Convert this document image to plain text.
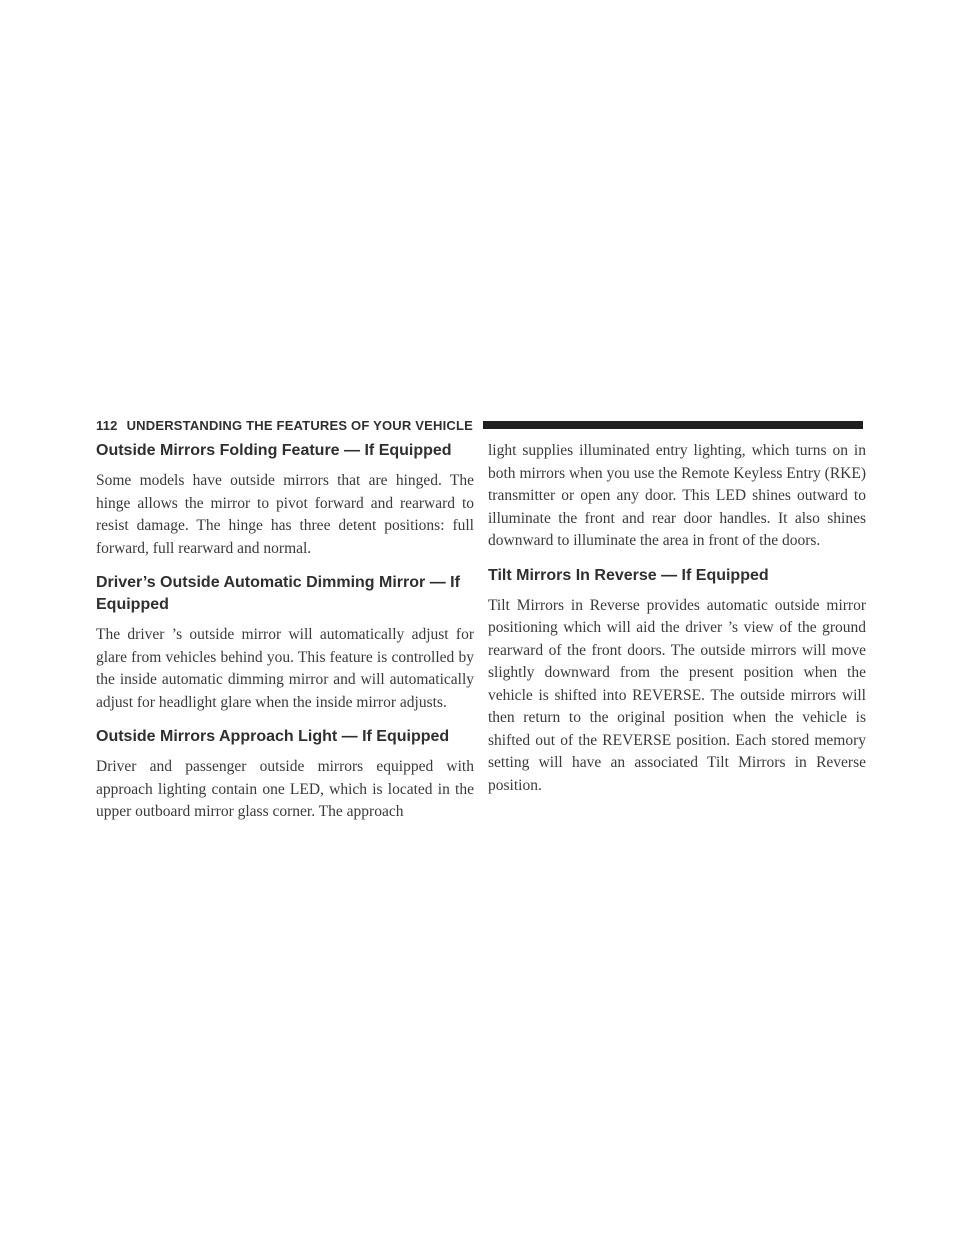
112 UNDERSTANDING THE FEATURES OF YOUR VEHICLE
Outside Mirrors Folding Feature — If Equipped

Some models have outside mirrors that are hinged. The hinge allows the mirror to pivot forward and rearward to resist damage. The hinge has three detent positions: full forward, full rearward and normal.

Driver’s Outside Automatic Dimming Mirror — If Equipped

The driver ’s outside mirror will automatically adjust for glare from vehicles behind you. This feature is controlled by the inside automatic dimming mirror and will automatically adjust for headlight glare when the inside mirror adjusts.

Outside Mirrors Approach Light — If Equipped

Driver and passenger outside mirrors equipped with approach lighting contain one LED, which is located in the upper outboard mirror glass corner. The approach

light supplies illuminated entry lighting, which turns on in both mirrors when you use the Remote Keyless Entry (RKE) transmitter or open any door. This LED shines outward to illuminate the front and rear door handles. It also shines downward to illuminate the area in front of the doors.

Tilt Mirrors In Reverse — If Equipped

Tilt Mirrors in Reverse provides automatic outside mirror positioning which will aid the driver ’s view of the ground rearward of the front doors. The outside mirrors will move slightly downward from the present position when the vehicle is shifted into REVERSE. The outside mirrors will then return to the original position when the vehicle is shifted out of the REVERSE position. Each stored memory setting will have an associated Tilt Mirrors in Reverse position.
